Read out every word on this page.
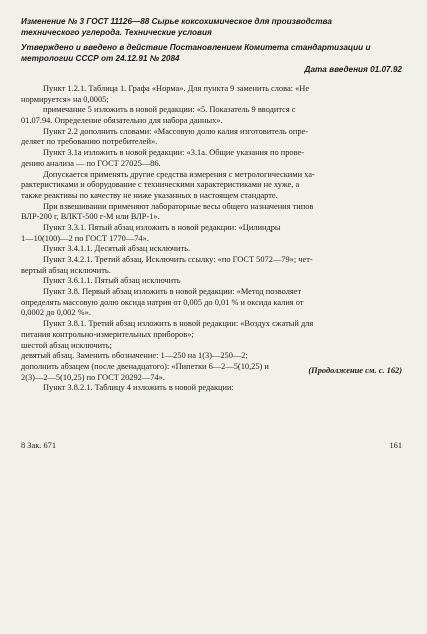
Изменение № 3 ГОСТ 11126—88 Сырье коксохимическое для производства
технического углерода. Технические условия
Утверждено и введено в действие Постановлением Комитета стандартизации и
метрологии СССР от 24.12.91 № 2084
Дата введения 01.07.92
Пункт 1.2.1. Таблица 1. Графа «Норма». Для пункта 9 заменить слова: «Не
нормируется» на 0,0005;
примечание 5 изложить в новой редакции: «5. Показатель 9 вводится с
01.07.94. Определение обязательно для набора данных».
Пункт 2.2 дополнить словами: «Массовую долю калия изготовитель опре-
деляет по требованию потребителей».
Пункт 3.1а изложить в новой редакции: «3.1а. Общие указания по прове-
дению анализа — по ГОСТ 27025—86.
Допускается применять другие средства измерения с метрологическими ха-
рактеристиками и оборудование с техническими характеристиками не хуже, а
также реактивы по качеству не ниже указанных в настоящем стандарте.
При взвешивании применяют лабораторные весы общего назначения типов
ВЛР-200 г, ВЛКТ-500 г-М или ВЛР-1».
Пункт 3.3.1. Пятый абзац изложить в новой редакции: «Цилиндры
1—10(100)—2 по ГОСТ 1770—74».
Пункт 3.4.1.1. Десятый абзац исключить.
Пункт 3.4.2.1. Третий абзац. Исключить ссылку: «по ГОСТ 5072—79»; чет-
вертый абзац исключить.
Пункт 3.6.1.1. Пятый абзац исключить
Пункт 3.8. Первый абзац изложить в новой редакции: «Метод позволяет
определять массовую долю оксида натрия от 0,005 до 0,01 % и оксида калия от
0,0002 до 0,002 %».
Пункт 3.8.1. Третий абзац изложить в новой редакции: «Воздух сжатый для
питания контрольно-измерительных приборов»;
шестой абзац исключить;
девятый абзац. Заменить обозначение: 1—250 на 1(3)—250—2;
дополнить абзацем (после двенадцатого): «Пипетки 6—2—5(10,25) и
2(3)—2—5(10,25) по ГОСТ 20292—74».
Пункт 3.8.2.1. Таблицу 4 изложить в новой редакции:
(Продолжение см. с. 162)
8 Зак. 671	161
